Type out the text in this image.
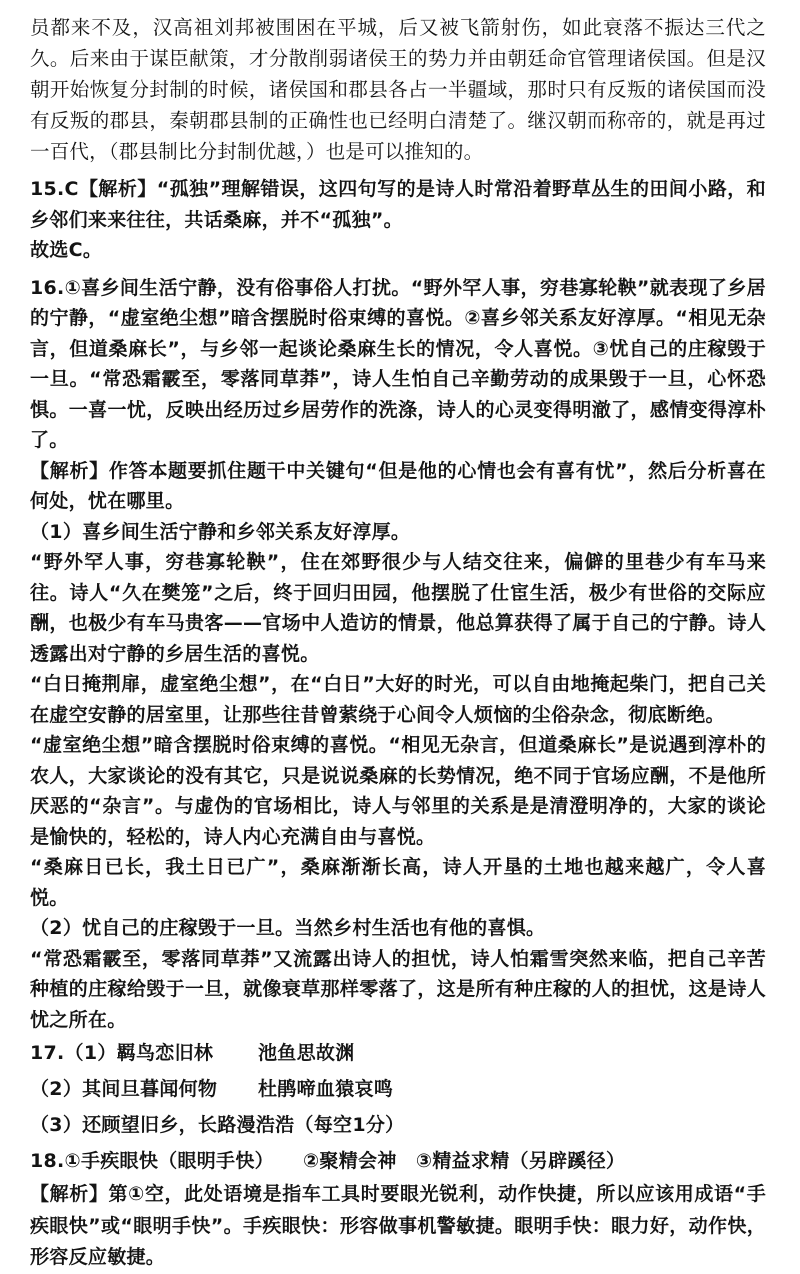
员都来不及，汉高祖刘邦被围困在平城，后又被飞箭射伤，如此衰落不振达三代之久。后来由于谋臣献策，才分散削弱诸侯王的势力并由朝廷命官管理诸侯国。但是汉朝开始恢复分封制的时候，诸侯国和郡县各占一半疆域，那时只有反叛的诸侯国而没有反叛的郡县，秦朝郡县制的正确性也已经明白清楚了。继汉朝而称帝的，就是再过一百代，（郡县制比分封制优越，）也是可以推知的。

15.C【解析】“孤独”理解错误，这四句写的是诗人时常沿着野草丛生的田间小路，和乡邻们来来往往，共话桑麻，并不“孤独”。

故选C。

16.①喜乡间生活宁静，没有俗事俗人打扰。“野外罕人事，穷巷寡轮鞅”就表现了乡居的宁静，“虚室绝尘想”暗含摆脱时俗束缚的喜悦。②喜乡邻关系友好淳厚。“相见无杂言，但道桑麻长”，与乡邻一起谈论桑麻生长的情况，令人喜悦。③忧自己的庄稼毁于一旦。“常恐霜霰至，零落同草莽”，诗人生怕自己辛勤劳动的成果毁于一旦，心怀恐惧。一喜一忧，反映出经历过乡居劳作的洗涤，诗人的心灵变得明澈了，感情变得淳朴了。

【解析】作答本题要抓住题干中关键句“但是他的心情也会有喜有忧”，然后分析喜在何处，忧在哪里。

（1）喜乡间生活宁静和乡邻关系友好淳厚。

“野外罕人事，穷巷寡轮鞅”，住在郊野很少与人结交往来，偏僻的里巷少有车马来往。诗人“久在樊笼”之后，终于回归田园，他摆脱了仕宦生活，极少有世俗的交际应酬，也极少有车马贵客——官场中人造访的情景，他总算获得了属于自己的宁静。诗人透露出对宁静的乡居生活的喜悦。

“白日掩荆扉，虚室绝尘想”，在“白日”大好的时光，可以自由地掩起柴门，把自己关在虚空安静的居室里，让那些往昔曾萦绕于心间令人烦恼的尘俗杂念，彻底断绝。

“虚室绝尘想”暗含摆脱时俗束缚的喜悦。“相见无杂言，但道桑麻长”是说遇到淳朴的农人，大家谈论的没有其它，只是说说桑麻的长势情况，绝不同于官场应酬，不是他所厌恶的“杂言”。与虚伪的官场相比，诗人与邻里的关系是是清澄明净的，大家的谈论是愉快的，轻松的，诗人内心充满自由与喜悦。

“桑麻日已长，我土日已广”，桑麻渐渐长高，诗人开垦的土地也越来越广，令人喜悦。

（2）忧自己的庄稼毁于一旦。当然乡村生活也有他的喜惧。

“常恐霜霰至，零落同草莽”又流露出诗人的担忧，诗人怕霜雪突然来临，把自己辛苦种植的庄稼给毁于一旦，就像衰草那样零落了，这是所有种庄稼的人的担忧，这是诗人忧之所在。

17.（1）羁鸟恋旧林 池鱼思故渊

（2）其间旦暮闻何物 杜鹃啼血猿哀鸣

（3）还顾望旧乡，长路漫浩浩（每空1分）

18.①手疾眼快（眼明手快）　　②聚精会神　③精益求精（另辟蹊径）

【解析】第①空，此处语境是指车工具时要眼光锐利，动作快捷，所以应该用成语“手疾眼快”或“眼明手快”。手疾眼快：形容做事机警敏捷。眼明手快：眼力好，动作快，形容反应敏捷。
